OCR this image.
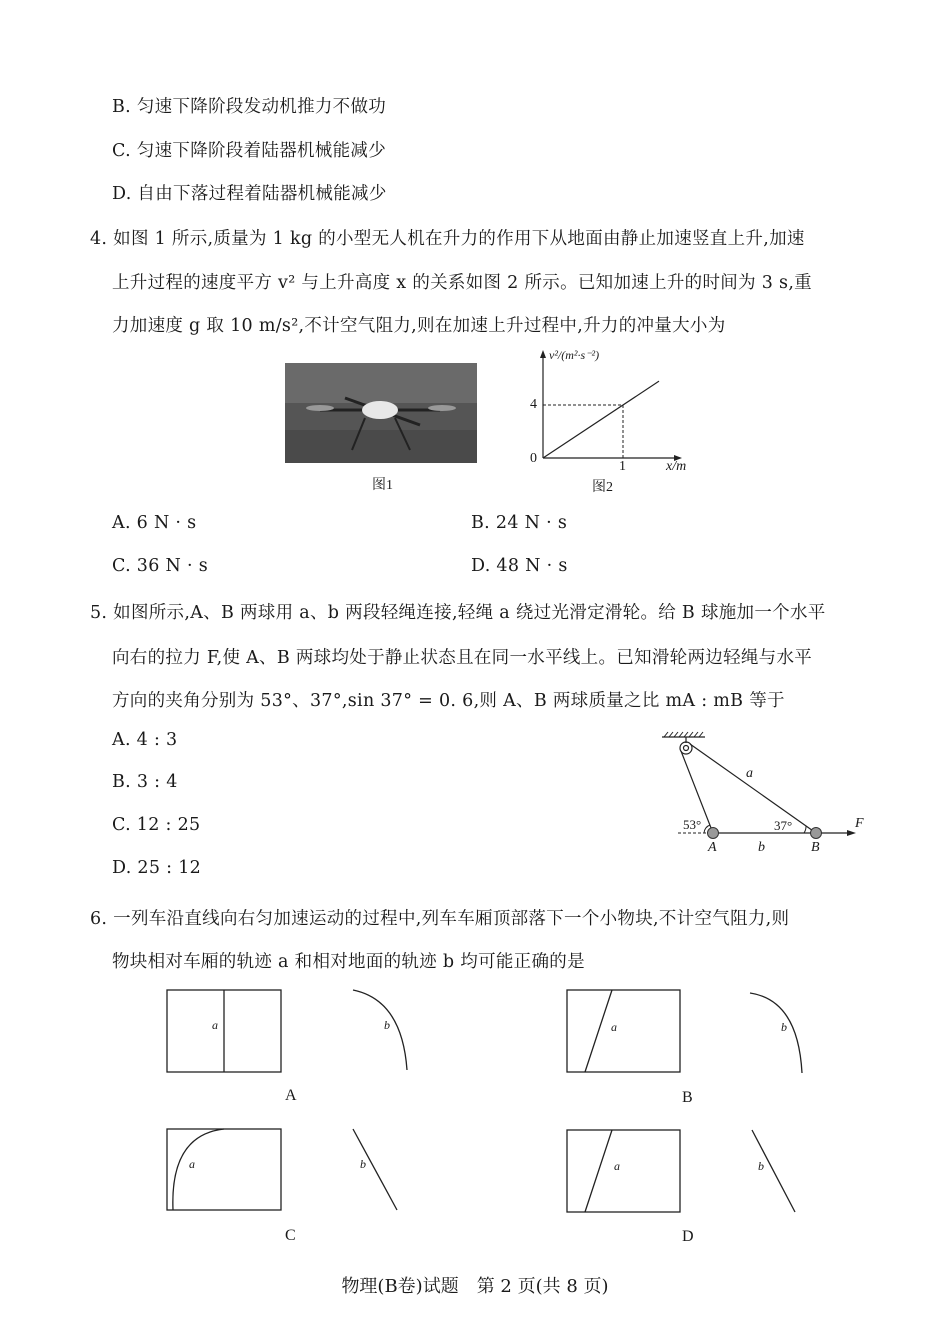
B. 匀速下降阶段发动机推力不做功
C. 匀速下降阶段着陆器机械能减少
D. 自由下落过程着陆器机械能减少
4. 如图 1 所示,质量为 1 kg 的小型无人机在升力的作用下从地面由静止加速竖直上升,加速
上升过程的速度平方 v² 与上升高度 x 的关系如图 2 所示。已知加速上升的时间为 3 s,重
力加速度 g 取 10 m/s²,不计空气阻力,则在加速上升过程中,升力的冲量大小为
v²/(m²·s⁻²)
4
0
1	x/m
图1	图2
A. 6 N · s	B. 24 N · s
C. 36 N · s	D. 48 N · s
5. 如图所示,A、B 两球用 a、b 两段轻绳连接,轻绳 a 绕过光滑定滑轮。给 B 球施加一个水平
向右的拉力 F,使 A、B 两球均处于静止状态且在同一水平线上。已知滑轮两边轻绳与水平
方向的夹角分别为 53°、37°,sin 37° = 0. 6,则 A、B 两球质量之比 mA : mB 等于
A. 4 : 3
B. 3 : 4
C. 12 : 25
D. 25 : 12
a
b
A	B
F
53°	37°
6. 一列车沿直线向右匀加速运动的过程中,列车车厢顶部落下一个小物块,不计空气阻力,则
物块相对车厢的轨迹 a 和相对地面的轨迹 b 均可能正确的是
a	b	a	b
a	b	a	b
A	B
C	D
物理(B卷)试题　第 2 页(共 8 页)
